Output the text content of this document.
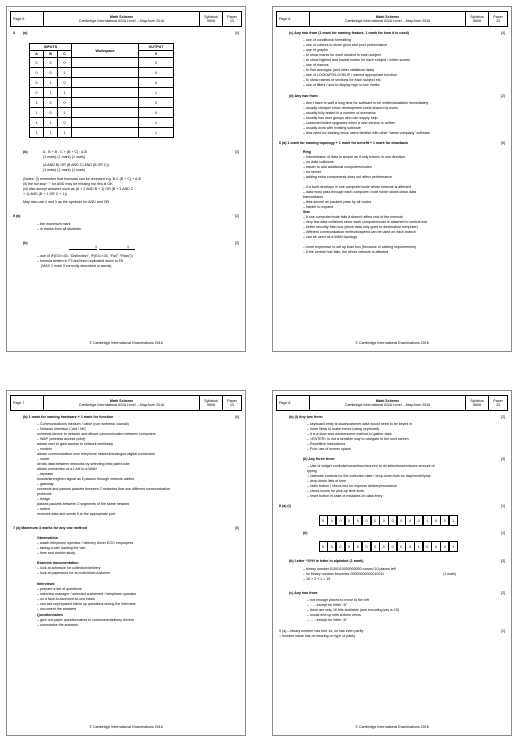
Page 5
Mark Scheme
Cambridge International AS/A Level – May/June 2016
Syllabus
9608
Paper
13
4 (a)	[4]
INPUTS			Workspace	OUTPUT
A	B	C		X
0	0	0		0
0	0	1		0
0	1	0		0
0	1	1		1
1	0	0		0
1	0	1		0
1	1	0		1
1	1	1		1
(b)	A . B + B . C + (B + C) : A.B
(1 mark) (1 mark) (1 mark)
(A AND B) OR (B AND C) AND (B OR C))
(1 mark) (1 mark) (1 mark)
[3]
(Notes: (i) remember that formulas can be reversed e.g. B.C (B + C) + A.B
(ii) the full stop “.” for AND may be missing but this is OK
(iii) also accept answers such as (A + 1 AND B + 1) OR (B + 1 AND C
+ 1) AND (B + 1 OR C + 1))
May also use /\ and \/ as the symbols for AND and OR
5 (a)	[2]
– the maximum mark
– in marks from all students
(b)	[3]
1	1
– use of IF(E3>=40, “Distinction”, IF(E3>=30, “Fail”, “Pass”))
– formula written in F3 and then replicated down to F8
(MAX 1 mark if correctly described in words)
© Cambridge International Examinations 2016
Page 6
Mark Scheme
Cambridge International AS/A Level – May/June 2016
Syllabus
9608
Paper
13
(c) Any two from (1 mark for naming feature, 1 mark for how it is used)	[4]
– use of conditional formatting
– use of colours to show good and poor performance
– use of graphs
– to show marks for each student in each subject
– to show highest and lowest marks for each subject / which scores
– use of macros
– to find averages (and other statistical data)
– use of LOOKUP/VLOOKUP / named appropriate function
– to show names of sections for each subject etc.
– use of filters / sort to display high to low marks
(d) Any two from:	[2]
– don’t have to wait a long time for software to be written/available immediately
– usually cheaper since development costs shared by users
– usually fully tested in a number of scenarios
– usually has user groups who can supply help
– customer/online upgrades when a new version is written
– usually work with existing software
– less need for training since users familiar with other “same company” software
6 (a) 1 mark for naming topology + 1 mark for benefit + 1 mark for drawback	[6]
Ring
– transmission of data is simple as it only travels in one direction
– no data collisions
– easier to add additional computers/nodes
– no server
– adding extra components does not affect performance
– if a fault develops in one computer/node whole network is affected
– data must pass through each computer/ node which slows down data
transmission
– less secure as packets pass by all nodes
– harder to expand
Star
– if one computer/node fails it doesn’t affect rest of the network
– very few data collisions since each computer/node is attached to central hub
– better security than bus (since data only goes to destination computer)
– different communication methods/speed can be used on each branch
– can be used as a WAN topology
– more expensive to set up than bus (because of cabling requirements)
– if the central hub fails, the whole network is affected
© Cambridge International Examinations 2016
Page 7
Mark Scheme
Cambridge International AS/A Level – May/June 2016
Syllabus
9608
Paper
13
(b) 1 mark for naming hardware + 1 mark for function	[6]
– Communications medium / cable (non wireless/ coaxial)
– Network Interface Card / NIC
connects device to network and allows communication between computers
– WAP (wireless access point)
allows user to gain access to network wirelessly
– modem
allows communication over telephone network/analogue-digital conversion
– router
sends data between networks by selecting best path/route
allows connection of a LAN to a WAN
– repeater
boosts/strengthen signal as it passes through network cables
– gateway
connects and passes packets between 2 networks that use different communication
protocols
– bridge
passes packets between 2 segments of the same network
– switch
receives data and sends it to the appropriate port
7 (a) Maximum 3 marks for any one method	[6]
Observation
– watch telephone operator / delivery driver EOO employees
– taking a call/ loading the van
– time and motion study
Examine documentation
– look at schedule for collection/delivery
– look at paperwork for an individual customer
Interviews
– prepare a set of questions
– interview manager / selected customers / telephone operator
– on a face-to-face/one-to-one basis
– can ask unprepared follow up questions during the interview
– document the answers
Questionnaires
– give out paper questionnaires to customers/delivery drivers
– summarise the answers
© Cambridge International Examinations 2016
Page 8
Mark Scheme
Cambridge International AS/A Level – May/June 2016
Syllabus
9608
Paper
13
(b) (i) Any two from:	[2]
– keyboard entry is slow/customer data would need to be keyed in
– more likely to make errors (using keyboard)
– it is a slow and cumbersome method to gather data
– <ENTER> is not a sensible way to navigate to the next screen
– Repetitive instructions
– Poor use of screen space
(ii) Any three from:	[3]
– Use of widget controls/mouse/touchscreen to do selections/reduces amount of
typing
– calendar controls for the collection date / drop-down lists for day/month/year
– drop-down lists of time
– radio button / check box for express delivery/insurance
– check boxes for pick-up time slots
– reset button in case of mistakes on data entry
8 (a) (i)	[1]
0	0	0	0	0	0	0	0	0	0	0	0	1	0	0	1
(ii)	[1]
0	0	0	0	0	0	0	0	0	0	0	1	0	0	0	1
(b) Letter “SYH is letter in alphabet (1 mark)
– binary number 0100110000000000 moved 10 places left
– so binary number becomes 00000000000010011
– 16 + 2 + 1 = 19
(1 mark)
[3]
(c) Any two from:	[2]
– not enough places to move to the left
– ….. except for letter “A”
– there are only 16 bits available (and encoding key is 15)
– would end up with sixteen zeros
– ….. except for letter “A”
9 (a) – binary number has four 1s, so has even parity
– number value has no bearing on type of parity
[1]
© Cambridge International Examinations 2016
